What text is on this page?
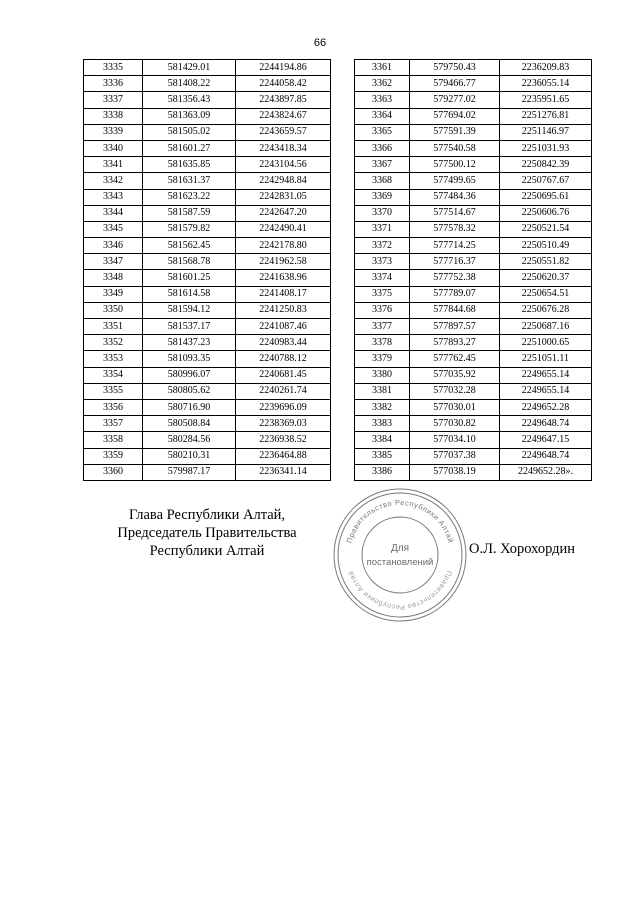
66
3335	581429.01	2244194.86
3336	581408.22	2244058.42
3337	581356.43	2243897.85
3338	581363.09	2243824.67
3339	581505.02	2243659.57
3340	581601.27	2243418.34
3341	581635.85	2243104.56
3342	581631.37	2242948.84
3343	581623.22	2242831.05
3344	581587.59	2242647.20
3345	581579.82	2242490.41
3346	581562.45	2242178.80
3347	581568.78	2241962.58
3348	581601.25	2241638.96
3349	581614.58	2241408.17
3350	581594.12	2241250.83
3351	581537.17	2241087.46
3352	581437.23	2240983.44
3353	581093.35	2240788.12
3354	580996.07	2240681.45
3355	580805.62	2240261.74
3356	580716.90	2239696.09
3357	580508.84	2238369.03
3358	580284.56	2236938.52
3359	580210.31	2236464.88
3360	579987.17	2236341.14
3361	579750.43	2236209.83
3362	579466.77	2236055.14
3363	579277.02	2235951.65
3364	577694.02	2251276.81
3365	577591.39	2251146.97
3366	577540.58	2251031.93
3367	577500.12	2250842.39
3368	577499.65	2250767.67
3369	577484.36	2250695.61
3370	577514.67	2250606.76
3371	577578.32	2250521.54
3372	577714.25	2250510.49
3373	577716.37	2250551.82
3374	577752.38	2250620.37
3375	577789.07	2250654.51
3376	577844.68	2250676.28
3377	577897.57	2250687.16
3378	577893.27	2251000.65
3379	577762.45	2251051.11
3380	577035.92	2249655.14
3381	577032.28	2249655.14
3382	577030.01	2249652.28
3383	577030.82	2249648.74
3384	577034.10	2249647.15
3385	577037.38	2249648.74
3386	577038.19	2249652.28».
Глава Республики Алтай,
Председатель Правительства
Республики Алтай
Правительство Республики Алтай
Правительство Республики Алтай
Для
постановлений
О.Л. Хорохордин
